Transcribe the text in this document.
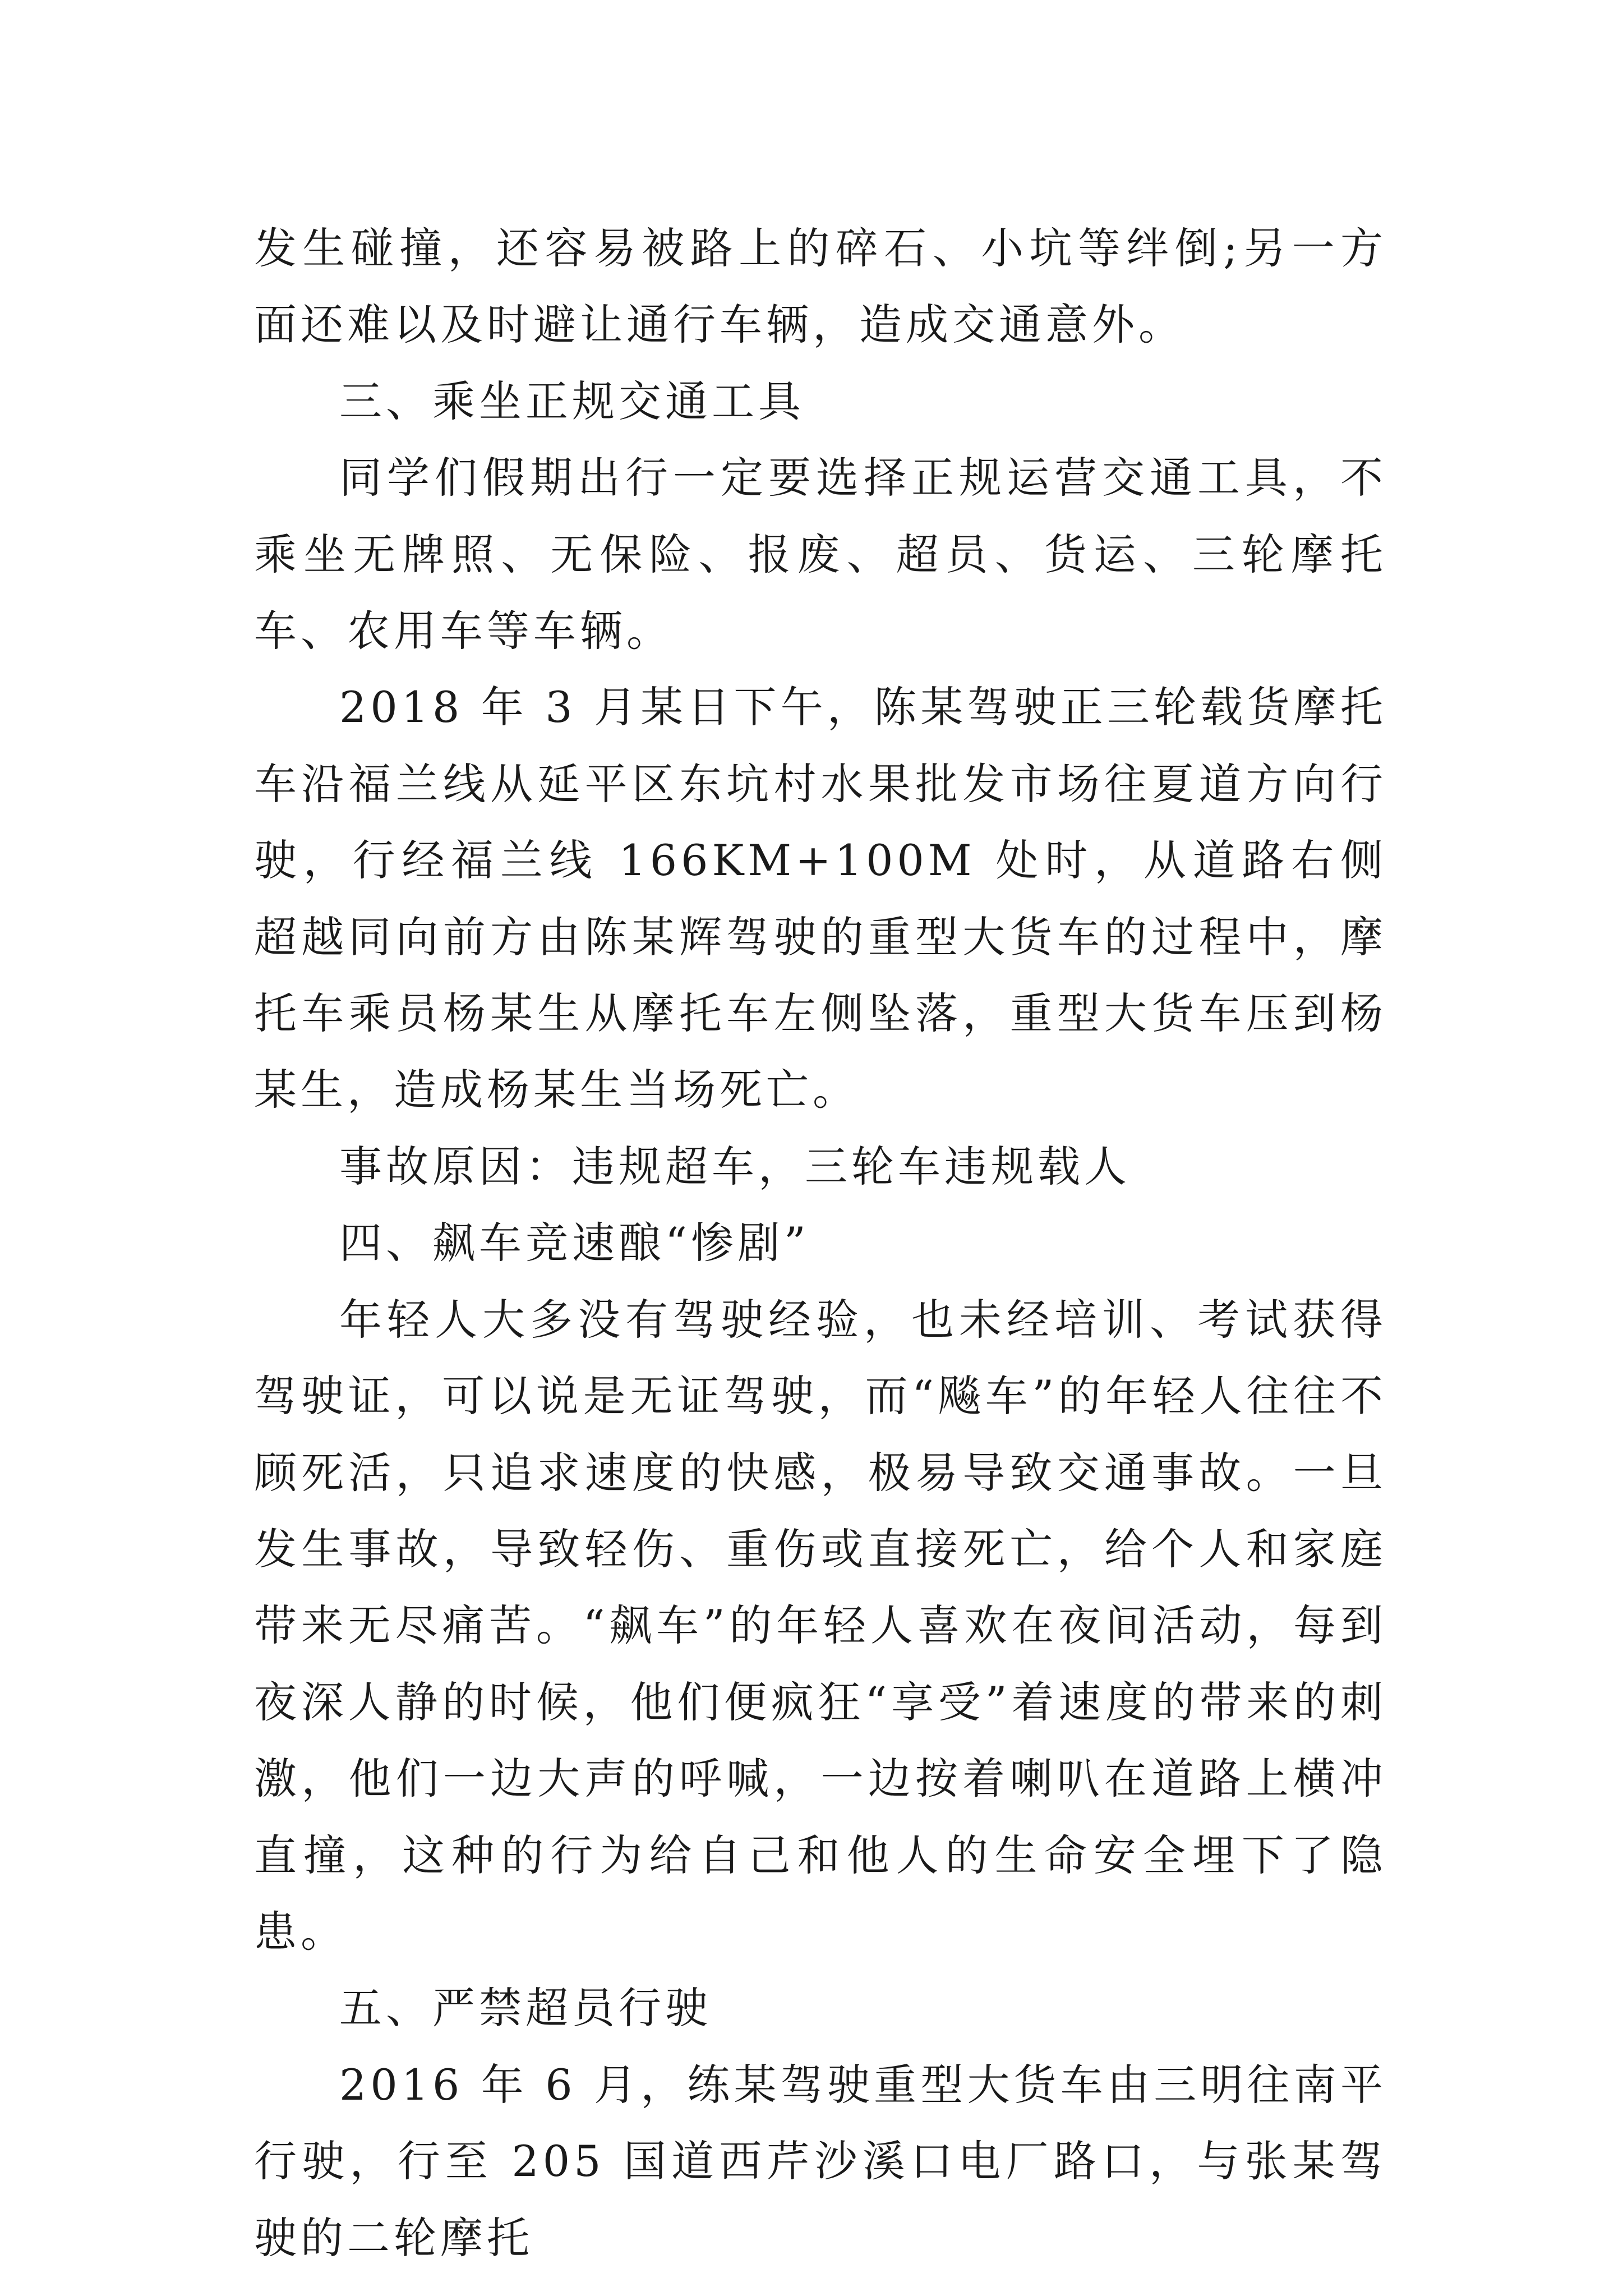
发生碰撞，还容易被路上的碎石、小坑等绊倒;另一方面还难以及时避让通行车辆，造成交通意外。

三、乘坐正规交通工具

同学们假期出行一定要选择正规运营交通工具，不乘坐无牌照、无保险、报废、超员、货运、三轮摩托车、农用车等车辆。

2018 年 3 月某日下午，陈某驾驶正三轮载货摩托车沿福兰线从延平区东坑村水果批发市场往夏道方向行驶，行经福兰线 166KM+100M 处时，从道路右侧超越同向前方由陈某辉驾驶的重型大货车的过程中，摩托车乘员杨某生从摩托车左侧坠落，重型大货车压到杨某生，造成杨某生当场死亡。

事故原因：违规超车，三轮车违规载人

四、飙车竞速酿“惨剧”

年轻人大多没有驾驶经验，也未经培训、考试获得驾驶证，可以说是无证驾驶，而“飚车”的年轻人往往不顾死活，只追求速度的快感，极易导致交通事故。一旦发生事故，导致轻伤、重伤或直接死亡，给个人和家庭带来无尽痛苦。“飙车”的年轻人喜欢在夜间活动，每到夜深人静的时候，他们便疯狂“享受”着速度的带来的刺激，他们一边大声的呼喊，一边按着喇叭在道路上横冲直撞，这种的行为给自己和他人的生命安全埋下了隐患。

五、严禁超员行驶

2016 年 6 月，练某驾驶重型大货车由三明往南平行驶，行至 205 国道西芹沙溪口电厂路口，与张某驾驶的二轮摩托
